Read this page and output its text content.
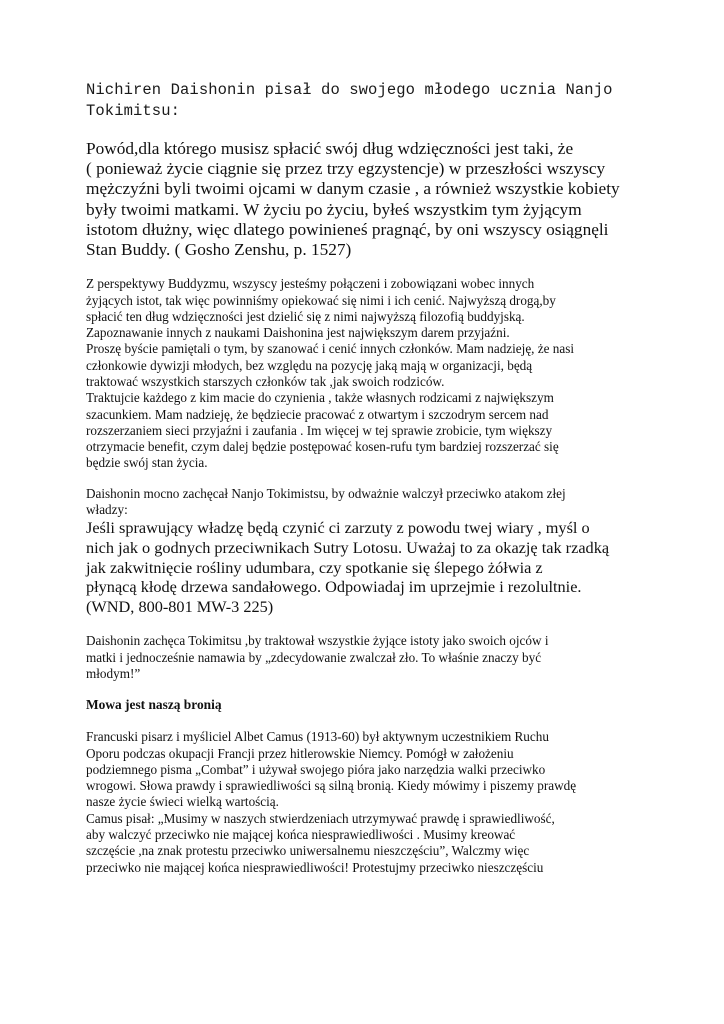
Nichiren Daishonin pisał do swojego młodego ucznia Nanjo
Tokimitsu:
Powód,dla którego musisz spłacić swój dług wdzięczności jest taki, że
( ponieważ życie ciągnie się przez trzy egzystencje) w przeszłości wszyscy
mężczyźni byli twoimi ojcami w danym czasie , a również wszystkie kobiety
były twoimi matkami. W życiu po życiu, byłeś wszystkim tym żyjącym
istotom dłużny, więc dlatego powinieneś pragnąć, by oni wszyscy osiągnęli
Stan Buddy. ( Gosho Zenshu, p. 1527)
Z perspektywy Buddyzmu, wszyscy jesteśmy połączeni i zobowiązani wobec innych
żyjących istot, tak więc powinniśmy opiekować się nimi i ich cenić. Najwyższą drogą,by
spłacić ten dług wdzięczności jest dzielić się z nimi najwyższą filozofią buddyjską.
Zapoznawanie innych z naukami Daishonina jest największym darem przyjaźni.
Proszę byście pamiętali o tym, by szanować i cenić innych członków. Mam nadzieję, że nasi
członkowie dywizji młodych, bez względu na pozycję jaką mają w organizacji, będą
traktować wszystkich starszych członków tak ,jak swoich rodziców.
Traktujcie każdego z kim macie do czynienia , także własnych rodzicami z największym
szacunkiem. Mam nadzieję, że będziecie pracować z otwartym i szczodrym sercem nad
rozszerzaniem sieci przyjaźni i zaufania . Im więcej w tej sprawie zrobicie, tym większy
otrzymacie benefit, czym dalej będzie postępować kosen-rufu tym bardziej rozszerzać się
będzie swój stan życia.
Daishonin mocno zachęcał Nanjo Tokimistsu, by odważnie walczył przeciwko atakom złej
władzy:
Jeśli sprawujący władzę będą czynić ci zarzuty z powodu twej wiary , myśl o
nich jak o godnych przeciwnikach Sutry Lotosu. Uważaj to za okazję tak rzadką
jak zakwitnięcie rośliny udumbara, czy spotkanie się ślepego żółwia z
płynącą kłodę drzewa sandałowego. Odpowiadaj im uprzejmie i rezolultnie.
(WND, 800-801 MW-3 225)
Daishonin zachęca Tokimitsu ,by traktował wszystkie żyjące istoty jako swoich ojców i
matki i jednocześnie namawia by „zdecydowanie zwalczał zło. To właśnie znaczy być
młodym!”
Mowa jest naszą bronią
Francuski pisarz i myśliciel Albet Camus (1913-60) był aktywnym uczestnikiem Ruchu
Oporu podczas okupacji Francji przez hitlerowskie Niemcy. Pomógł w założeniu
podziemnego pisma „Combat” i używał swojego pióra jako narzędzia walki przeciwko
wrogowi. Słowa prawdy i sprawiedliwości są silną bronią. Kiedy mówimy i piszemy prawdę
nasze życie świeci wielką wartością.
Camus pisał: „Musimy w naszych stwierdzeniach utrzymywać prawdę i sprawiedliwość,
aby walczyć przeciwko nie mającej końca niesprawiedliwości . Musimy kreować
szczęście ,na znak protestu przeciwko uniwersalnemu nieszczęściu”, Walczmy więc
przeciwko nie mającej końca niesprawiedliwości! Protestujmy przeciwko nieszczęściu
